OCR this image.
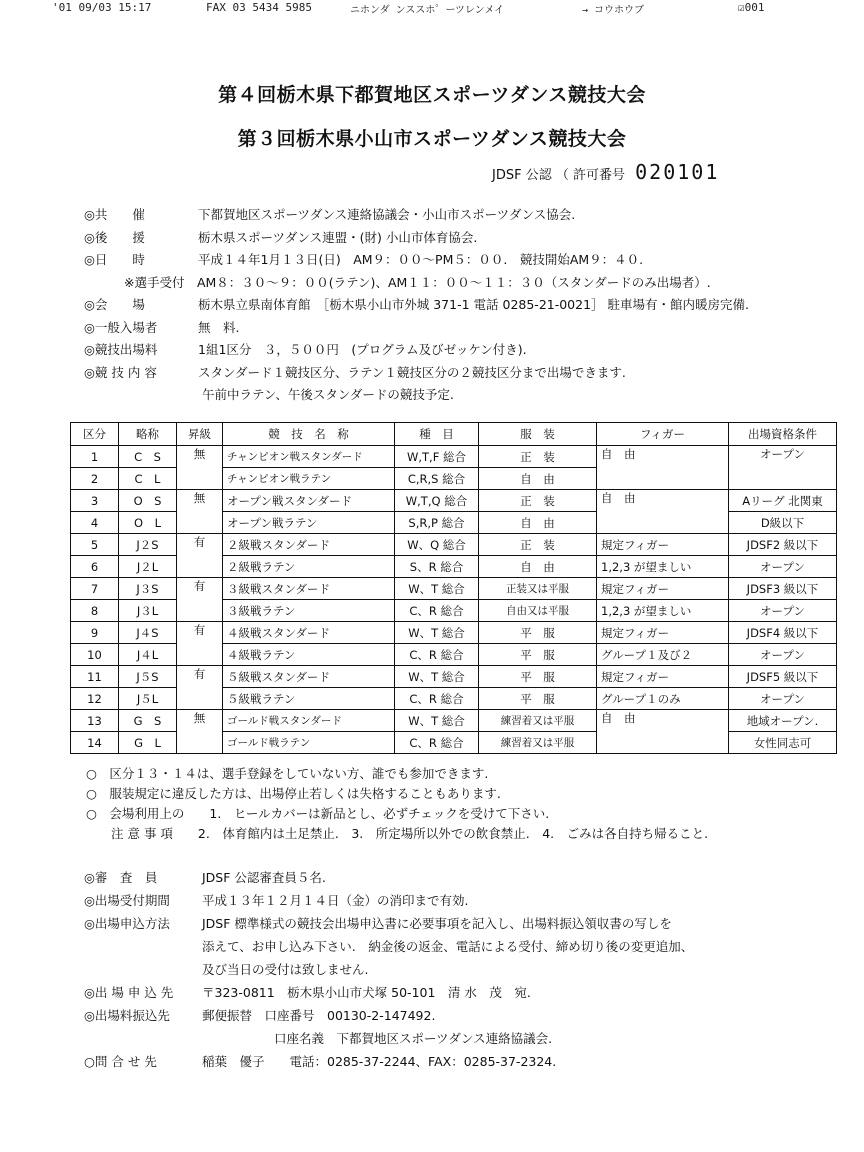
'01 09/03 15:17	FAX 03 5434 5985	ニホンダ ンススホ゜ーツレンメイ	→ コウホウブ	☑001
第４回栃木県下都賀地区スポーツダンス競技大会
第３回栃木県小山市スポーツダンス競技大会
JDSF 公認 （ 許可番号 020101
◎共　　催	下都賀地区スポーツダンス連絡協議会・小山市スポーツダンス協会.
◎後　　援	栃木県スポーツダンス連盟・(財) 小山市体育協会.
◎日　　時	平成１４年1月１３日(日)　AM９：００～PM５：００.　競技開始AM９：４０.
※選手受付　AM８：３０～９：００(ラテン)、AM１１：００～１１：３０（スタンダードのみ出場者）.
◎会　　場	栃木県立県南体育館　［栃木県小山市外城 371-1 電話 0285-21-0021］ 駐車場有・館内暖房完備.
◎一般入場者	無　料.
◎競技出場料	1組1区分　３，５００円　(プログラム及びゼッケン付き).
◎競 技 内 容	スタンダード１競技区分、ラテン１競技区分の２競技区分まで出場できます.
午前中ラテン、午後スタンダードの競技予定.
区分	略称	昇級	競　技　名　称	種　目	服　装	フィガー	出場資格条件
1	C　S	無	チャンピオン戦スタンダード	W,T,F 総合	正　装	自　由	オープン
2	C　L		チャンピオン戦ラテン	C,R,S 総合	自　由		
3	O　S	無	オープン戦スタンダード	W,T,Q 総合	正　装	自　由	Aリーグ 北関東
4	O　L		オープン戦ラテン	S,R,P 総合	自　由		D級以下
5	J２S	有	２級戦スタンダード	W、Q 総合	正　装	規定フィガー	JDSF2 級以下
6	J２L		２級戦ラテン	S、R 総合	自　由	1,2,3 が望ましい	オープン
7	J３S	有	３級戦スタンダード	W、T 総合	正装又は平服	規定フィガー	JDSF3 級以下
8	J３L		３級戦ラテン	C、R 総合	自由又は平服	1,2,3 が望ましい	オープン
9	J４S	有	４級戦スタンダード	W、T 総合	平　服	規定フィガー	JDSF4 級以下
10	J４L		４級戦ラテン	C、R 総合	平　服	グループ１及び２	オープン
11	J５S	有	５級戦スタンダード	W、T 総合	平　服	規定フィガー	JDSF5 級以下
12	J５L		５級戦ラテン	C、R 総合	平　服	グループ１のみ	オープン
13	G　S	無	ゴールド戦スタンダード	W、T 総合	練習着又は平服	自　由	地域オープン.
14	G　L		ゴールド戦ラテン	C、R 総合	練習着又は平服		女性同志可
○　区分１３・１４は、選手登録をしていない方、誰でも参加できます.
○　服装規定に違反した方は、出場停止若しくは失格することもあります.
○　会場利用上の　　1.　ヒールカバーは新品とし、必ずチェックを受けて下さい.
　　注 意 事 項　　2.　体育館内は土足禁止.　3.　所定場所以外での飲食禁止.　4.　ごみは各自持ち帰ること.
◎審　査　員	JDSF 公認審査員５名.
◎出場受付期間	平成１３年１２月１４日（金）の消印まで有効.
◎出場申込方法	JDSF 標準様式の競技会出場申込書に必要事項を記入し、出場料振込領収書の写しを
添えて、お申し込み下さい.　納金後の返金、電話による受付、締め切り後の変更追加、
及び当日の受付は致しません.
◎出 場 申 込 先 〒323-0811　栃木県小山市犬塚 50-101　清 水　茂　宛.
◎出場料振込先	郵便振替　口座番号　00130-2-147492.
口座名義　下都賀地区スポーツダンス連絡協議会.
○問 合 せ 先	稲葉　優子　　電話：0285-37-2244、FAX：0285-37-2324.
